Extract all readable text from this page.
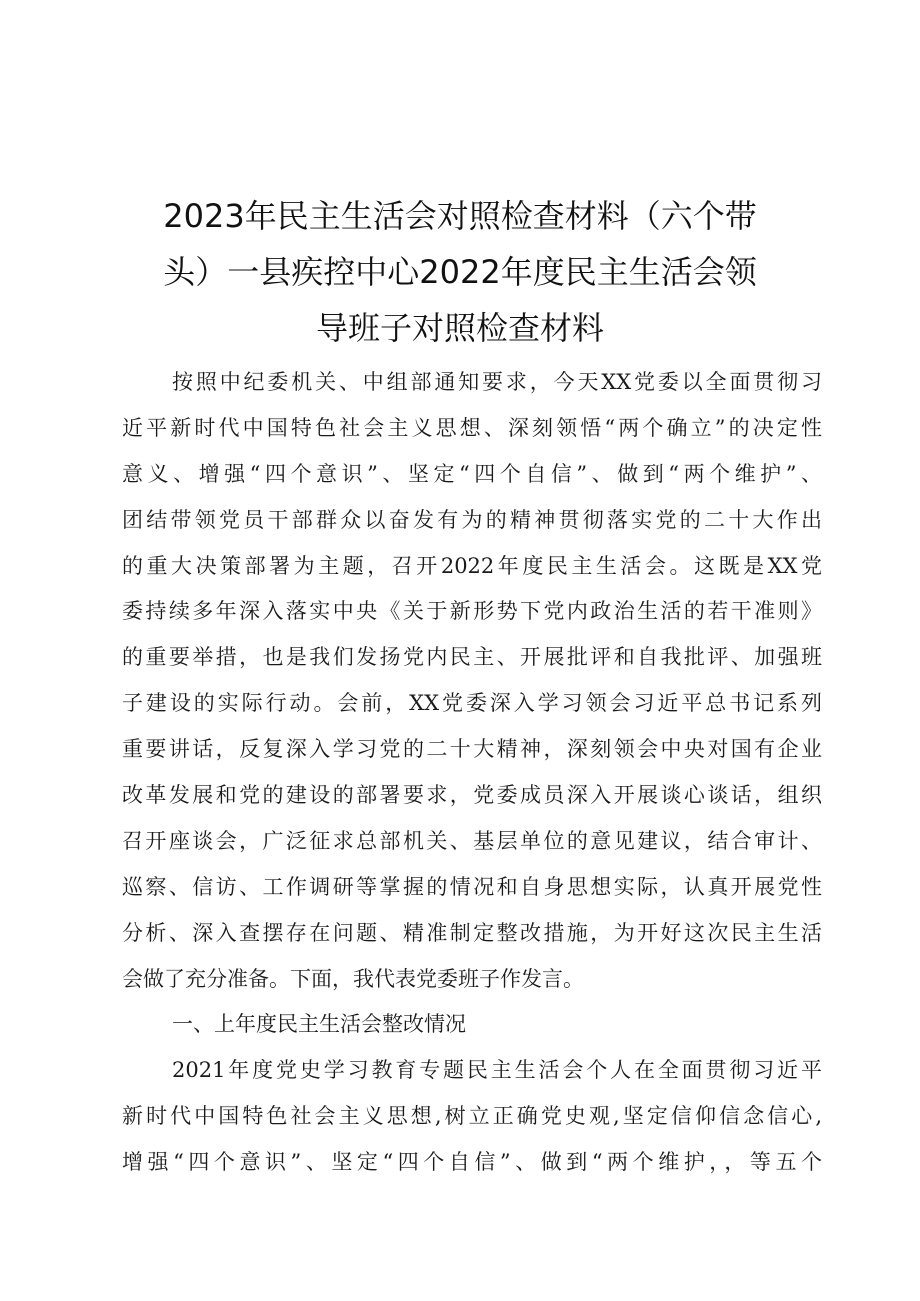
2023年民主生活会对照检查材料（六个带
头）一县疾控中心2022年度民主生活会领
导班子对照检查材料
按照中纪委机关、中组部通知要求，今天XX党委以全面贯彻习
近平新时代中国特色社会主义思想、深刻领悟“两个确立”的决定性
意义、增强“四个意识”、坚定“四个自信”、做到“两个维护”、
团结带领党员干部群众以奋发有为的精神贯彻落实党的二十大作出
的重大决策部署为主题，召开2022年度民主生活会。这既是XX党
委持续多年深入落实中央《关于新形势下党内政治生活的若干准则》
的重要举措，也是我们发扬党内民主、开展批评和自我批评、加强班
子建设的实际行动。会前，XX党委深入学习领会习近平总书记系列
重要讲话，反复深入学习党的二十大精神，深刻领会中央对国有企业
改革发展和党的建设的部署要求，党委成员深入开展谈心谈话，组织
召开座谈会，广泛征求总部机关、基层单位的意见建议，结合审计、
巡察、信访、工作调研等掌握的情况和自身思想实际，认真开展党性
分析、深入查摆存在问题、精准制定整改措施，为开好这次民主生活
会做了充分准备。下面，我代表党委班子作发言。
一、上年度民主生活会整改情况
2021年度党史学习教育专题民主生活会个人在全面贯彻习近平
新时代中国特色社会主义思想,树立正确党史观,坚定信仰信念信心,
增强“四个意识”、坚定“四个自信”、做到“两个维护，，等五个
